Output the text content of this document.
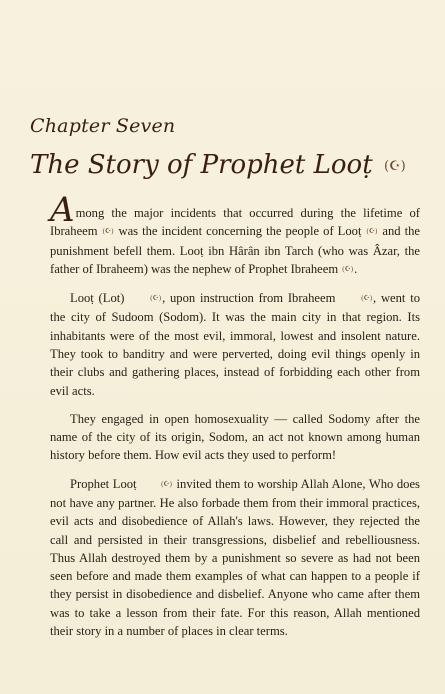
Chapter Seven
The Story of Prophet Looṭ (☪)

Among the major incidents that occurred during the lifetime of Ibraheem (☪) was the incident concerning the people of Looṭ (☪) and the punishment befell them. Looṭ ibn Hârân ibn Tarch (who was Âzar, the father of Ibraheem) was the nephew of Prophet Ibraheem (☪).

Looṭ (Lot)	(☪), upon instruction from Ibraheem	(☪), went to the city of Sudoom (Sodom). It was the main city in that region. Its inhabitants were of the most evil, immoral, lowest and insolent nature. They took to banditry and were perverted, doing evil things openly in their clubs and gathering places, instead of forbidding each other from evil acts.

They engaged in open homosexuality — called Sodomy after the name of the city of its origin, Sodom, an act not known among human history before them. How evil acts they used to perform!

Prophet Looṭ	(☪) invited them to worship Allah Alone, Who does not have any partner. He also forbade them from their immoral practices, evil acts and disobedience of Allah's laws. However, they rejected the call and persisted in their transgressions, disbelief and rebelliousness. Thus Allah destroyed them by a punishment so severe as had not been seen before and made them examples of what can happen to a people if they persist in disobedience and disbelief. Anyone who came after them was to take a lesson from their fate. For this reason, Allah mentioned their story in a number of places in clear terms.
